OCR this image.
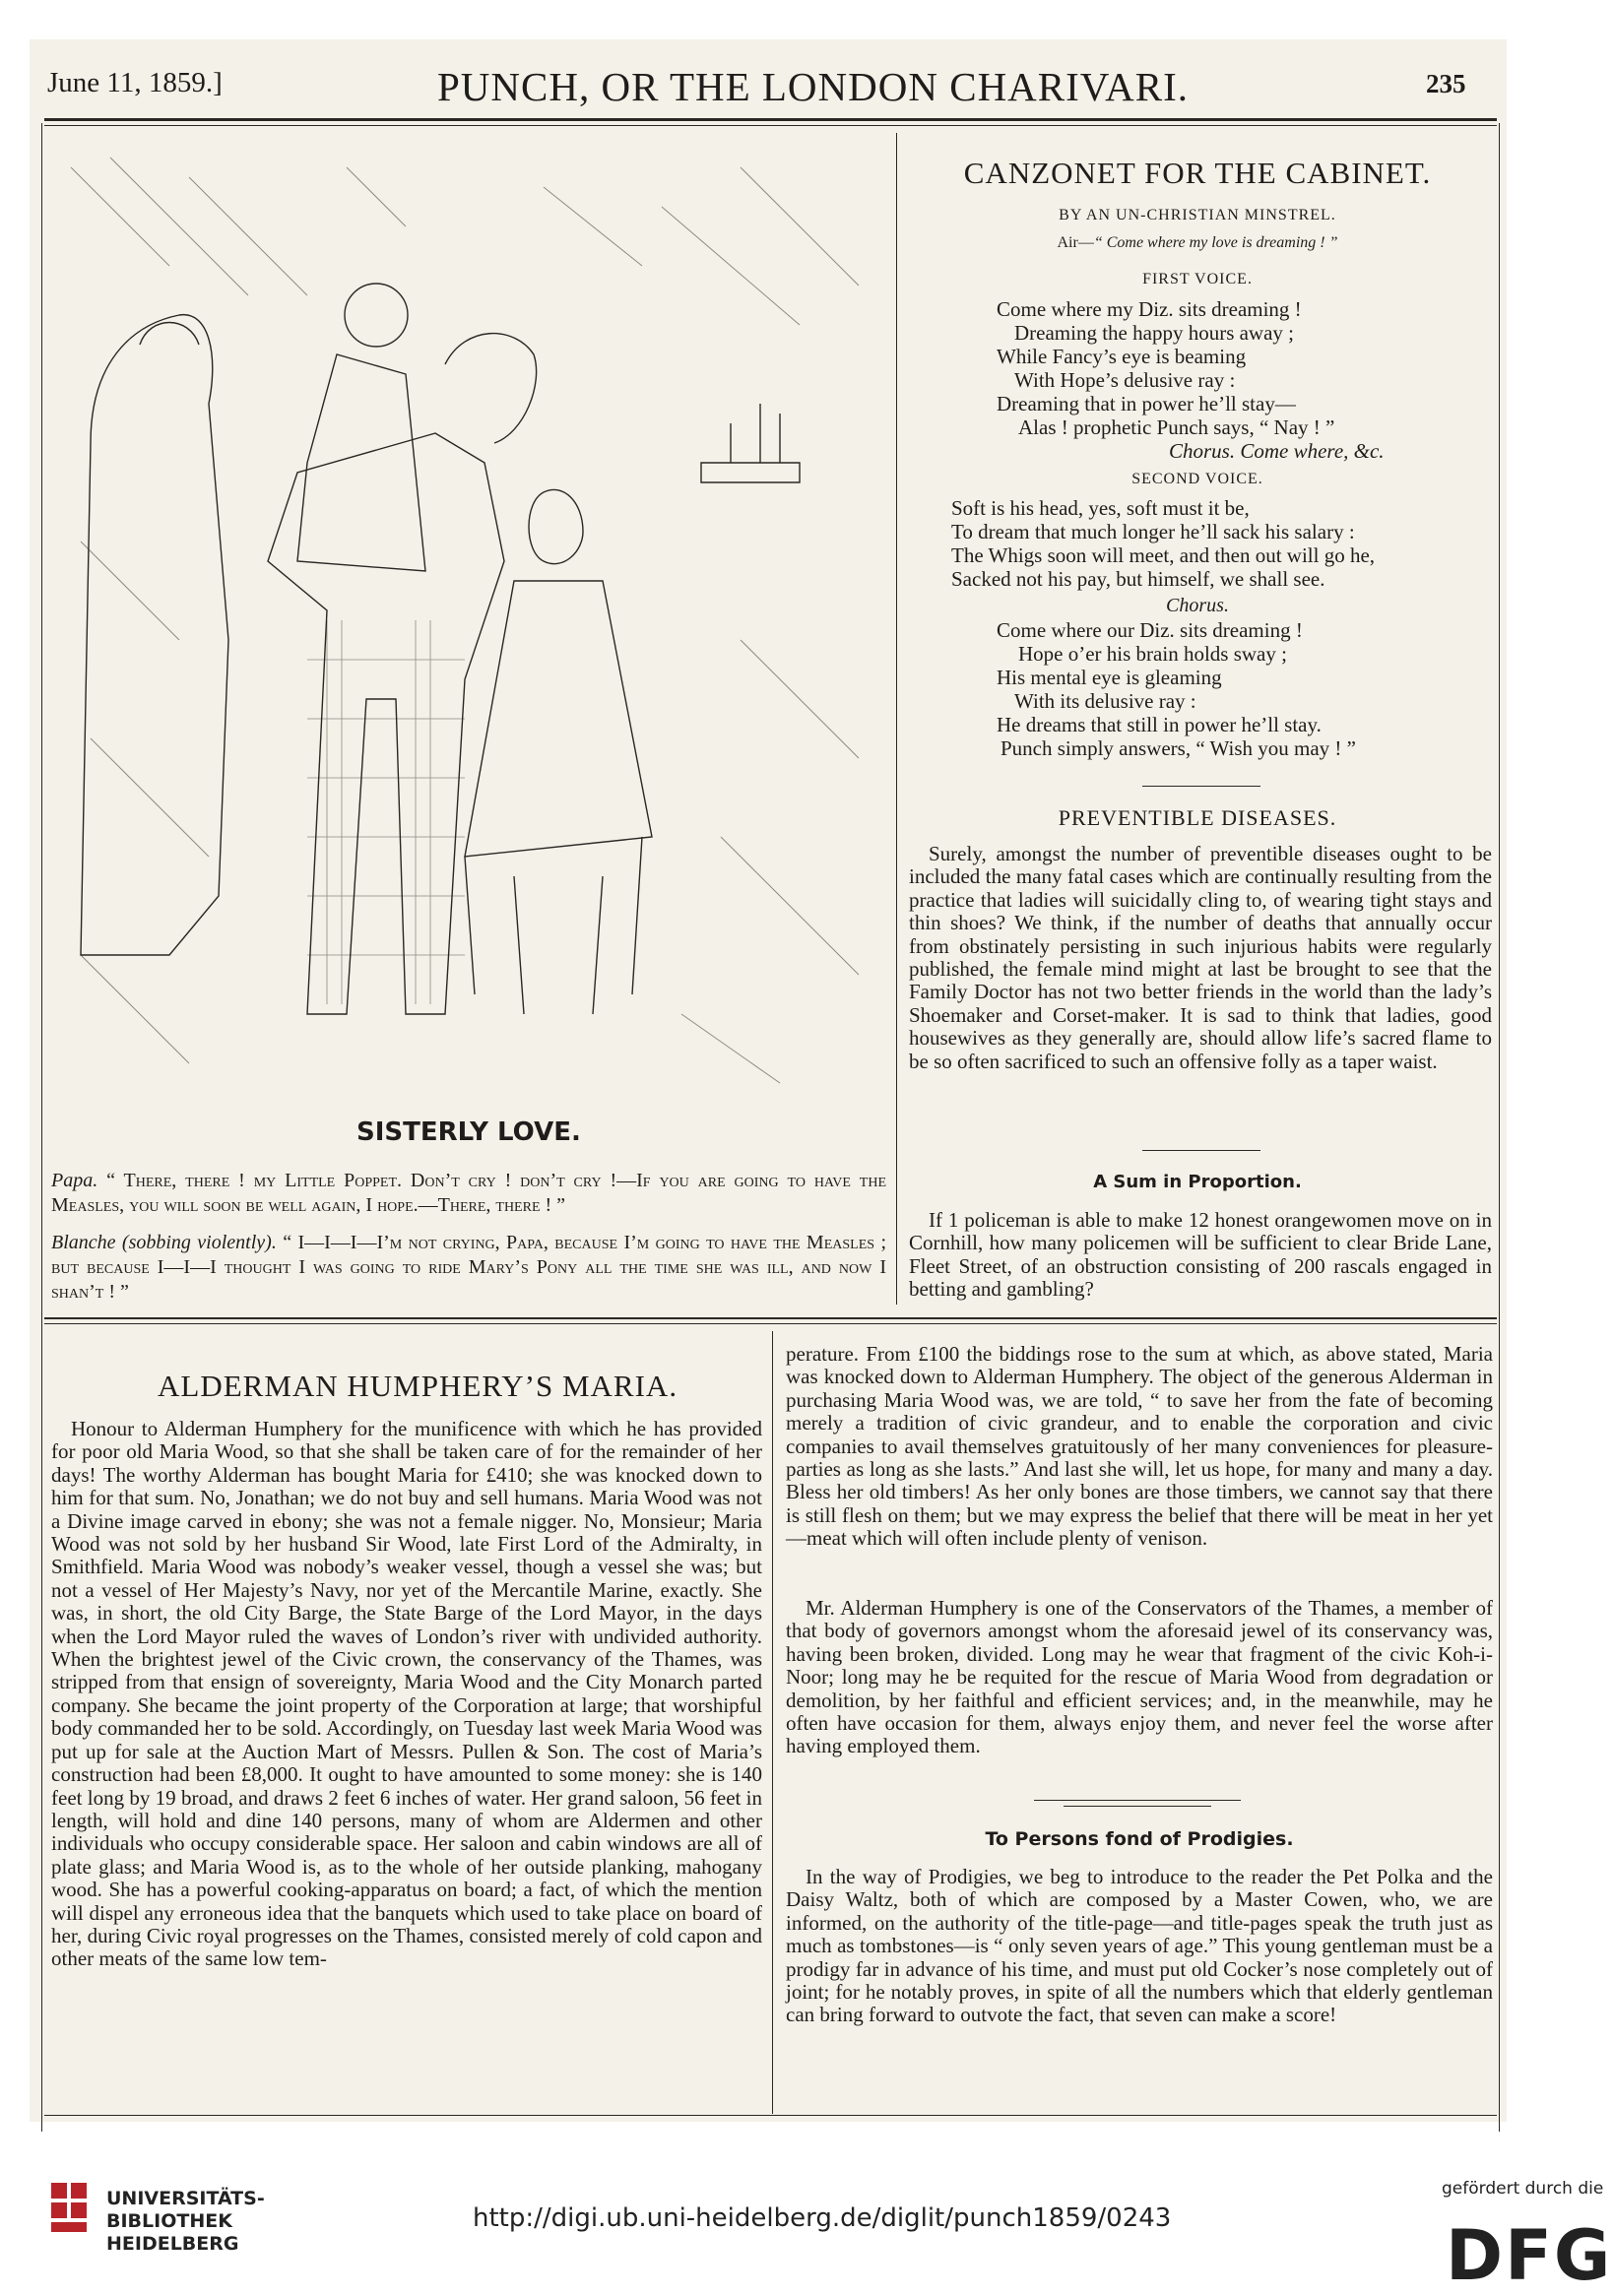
June 11, 1859.]	PUNCH, OR THE LONDON CHARIVARI.	235
SISTERLY LOVE.
Papa. “ There, there ! my Little Poppet. Don’t cry ! don’t cry !—If you are going to have the Measles, you will soon be well again, I hope.—There, there ! ”
Blanche (sobbing violently). “ I—I—I—I’m not crying, Papa, because I’m going to have the Measles ; but because I—I—I thought I was going to ride Mary’s Pony all the time she was ill, and now I shan’t ! ”
CANZONET FOR THE CABINET.
BY AN UN-CHRISTIAN MINSTREL.
Air—“ Come where my love is dreaming ! ”
FIRST VOICE.
Come where my Diz. sits dreaming !
Dreaming the happy hours away ;
While Fancy’s eye is beaming
With Hope’s delusive ray :
Dreaming that in power he’ll stay—
Alas ! prophetic Punch says, “ Nay ! ”
Chorus. Come where, &c.
SECOND VOICE.
Soft is his head, yes, soft must it be,
To dream that much longer he’ll sack his salary :
The Whigs soon will meet, and then out will go he,
Sacked not his pay, but himself, we shall see.
Chorus.
Come where our Diz. sits dreaming !
Hope o’er his brain holds sway ;
His mental eye is gleaming
With its delusive ray :
He dreams that still in power he’ll stay.
Punch simply answers, “ Wish you may ! ”
PREVENTIBLE DISEASES.
Surely, amongst the number of preventible diseases ought to be included the many fatal cases which are continually resulting from the practice that ladies will suicidally cling to, of wearing tight stays and thin shoes? We think, if the number of deaths that annually occur from obstinately persisting in such injurious habits were regularly published, the female mind might at last be brought to see that the Family Doctor has not two better friends in the world than the lady’s Shoemaker and Corset-maker. It is sad to think that ladies, good housewives as they generally are, should allow life’s sacred flame to be so often sacrificed to such an offensive folly as a taper waist.
A Sum in Proportion.
If 1 policeman is able to make 12 honest orangewomen move on in Cornhill, how many policemen will be sufficient to clear Bride Lane, Fleet Street, of an obstruction consisting of 200 rascals engaged in betting and gambling?
ALDERMAN HUMPHERY’S MARIA.
Honour to Alderman Humphery for the munificence with which he has provided for poor old Maria Wood, so that she shall be taken care of for the remainder of her days! The worthy Alderman has bought Maria for £410; she was knocked down to him for that sum. No, Jonathan; we do not buy and sell humans. Maria Wood was not a Divine image carved in ebony; she was not a female nigger. No, Monsieur; Maria Wood was not sold by her husband Sir Wood, late First Lord of the Admiralty, in Smithfield. Maria Wood was nobody’s weaker vessel, though a vessel she was; but not a vessel of Her Majesty’s Navy, nor yet of the Mercantile Marine, exactly. She was, in short, the old City Barge, the State Barge of the Lord Mayor, in the days when the Lord Mayor ruled the waves of London’s river with undivided authority. When the brightest jewel of the Civic crown, the conservancy of the Thames, was stripped from that ensign of sovereignty, Maria Wood and the City Monarch parted company. She became the joint property of the Corporation at large; that worshipful body commanded her to be sold. Accordingly, on Tuesday last week Maria Wood was put up for sale at the Auction Mart of Messrs. Pullen & Son. The cost of Maria’s construction had been £8,000. It ought to have amounted to some money: she is 140 feet long by 19 broad, and draws 2 feet 6 inches of water. Her grand saloon, 56 feet in length, will hold and dine 140 persons, many of whom are Aldermen and other individuals who occupy considerable space. Her saloon and cabin windows are all of plate glass; and Maria Wood is, as to the whole of her outside planking, mahogany wood. She has a powerful cooking-apparatus on board; a fact, of which the mention will dispel any erroneous idea that the banquets which used to take place on board of her, during Civic royal progresses on the Thames, consisted merely of cold capon and other meats of the same low tem-
perature. From £100 the biddings rose to the sum at which, as above stated, Maria was knocked down to Alderman Humphery. The object of the generous Alderman in purchasing Maria Wood was, we are told, “ to save her from the fate of becoming merely a tradition of civic grandeur, and to enable the corporation and civic companies to avail themselves gratuitously of her many conveniences for pleasure-parties as long as she lasts.” And last she will, let us hope, for many and many a day. Bless her old timbers! As her only bones are those timbers, we cannot say that there is still flesh on them; but we may express the belief that there will be meat in her yet—meat which will often include plenty of venison.
Mr. Alderman Humphery is one of the Conservators of the Thames, a member of that body of governors amongst whom the aforesaid jewel of its conservancy was, having been broken, divided. Long may he wear that fragment of the civic Koh-i-Noor; long may he be requited for the rescue of Maria Wood from degradation or demolition, by her faithful and efficient services; and, in the meanwhile, may he often have occasion for them, always enjoy them, and never feel the worse after having employed them.
To Persons fond of Prodigies.
In the way of Prodigies, we beg to introduce to the reader the Pet Polka and the Daisy Waltz, both of which are composed by a Master Cowen, who, we are informed, on the authority of the title-page—and title-pages speak the truth just as much as tombstones—is “ only seven years of age.” This young gentleman must be a prodigy far in advance of his time, and must put old Cocker’s nose completely out of joint; for he notably proves, in spite of all the numbers which that elderly gentleman can bring forward to outvote the fact, that seven can make a score!
UNIVERSITÄTS-
BIBLIOTHEK
HEIDELBERG
http://digi.ub.uni-heidelberg.de/diglit/punch1859/0243
gefördert durch die
DFG
